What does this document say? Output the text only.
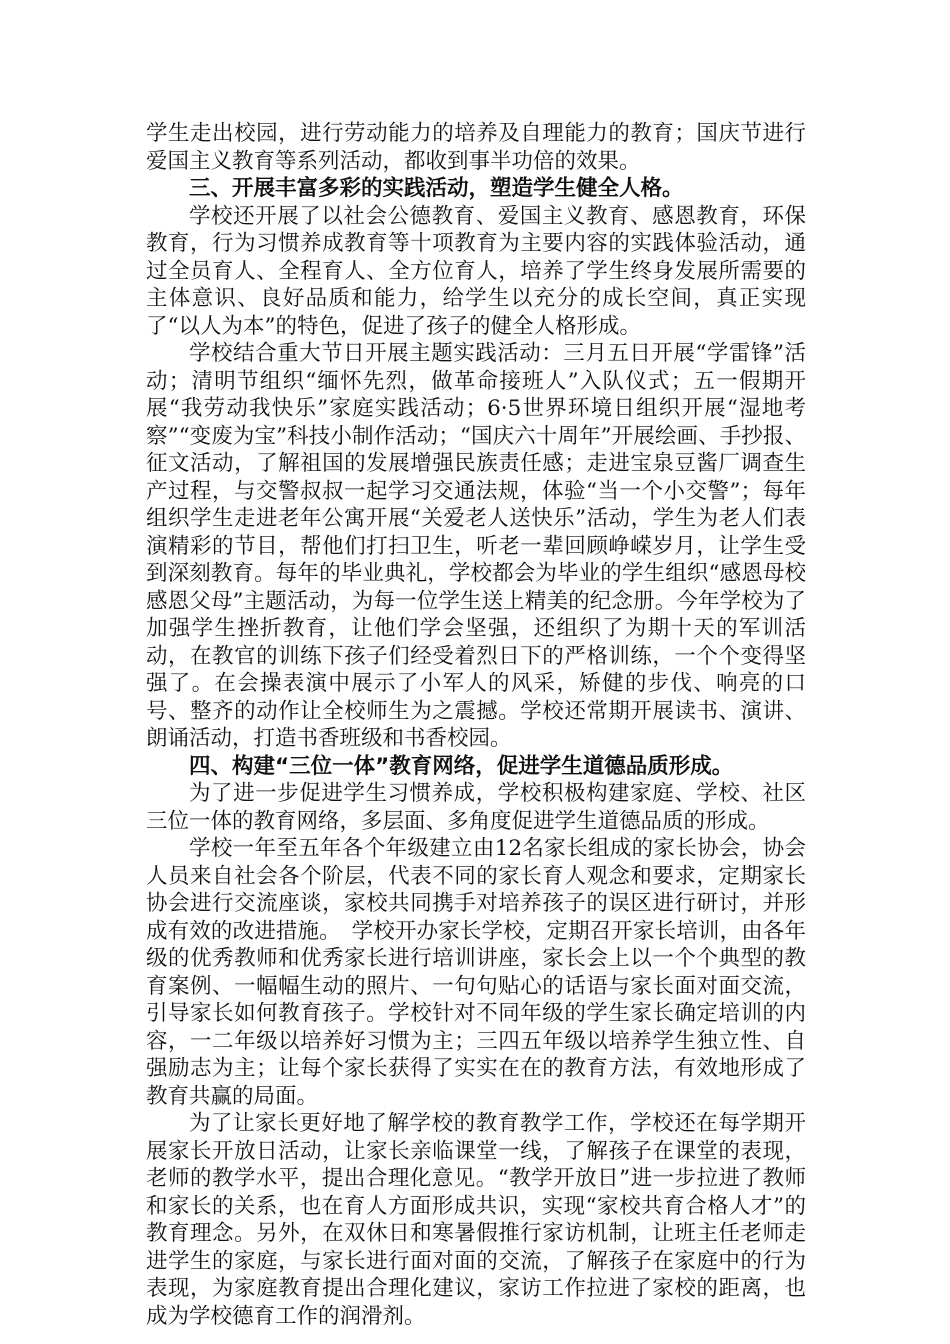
学生走出校园，进行劳动能力的培养及自理能力的教育；国庆节进行爱国主义教育等系列活动，都收到事半功倍的效果。

三、开展丰富多彩的实践活动，塑造学生健全人格。

学校还开展了以社会公德教育、爱国主义教育、感恩教育，环保教育，行为习惯养成教育等十项教育为主要内容的实践体验活动，通过全员育人、全程育人、全方位育人，培养了学生终身发展所需要的主体意识、良好品质和能力，给学生以充分的成长空间，真正实现了“以人为本”的特色，促进了孩子的健全人格形成。

学校结合重大节日开展主题实践活动：三月五日开展“学雷锋”活动；清明节组织“缅怀先烈，做革命接班人”入队仪式；五一假期开展“我劳动我快乐”家庭实践活动；6·5世界环境日组织开展“湿地考察”“变废为宝”科技小制作活动；“国庆六十周年”开展绘画、手抄报、征文活动，了解祖国的发展增强民族责任感；走进宝泉豆酱厂调查生产过程，与交警叔叔一起学习交通法规，体验“当一个小交警”；每年组织学生走进老年公寓开展“关爱老人送快乐”活动，学生为老人们表演精彩的节目，帮他们打扫卫生，听老一辈回顾峥嵘岁月，让学生受到深刻教育。每年的毕业典礼，学校都会为毕业的学生组织“感恩母校感恩父母”主题活动，为每一位学生送上精美的纪念册。今年学校为了加强学生挫折教育，让他们学会坚强，还组织了为期十天的军训活动，在教官的训练下孩子们经受着烈日下的严格训练，一个个变得坚强了。在会操表演中展示了小军人的风采，矫健的步伐、响亮的口号、整齐的动作让全校师生为之震撼。学校还常期开展读书、演讲、朗诵活动，打造书香班级和书香校园。

四、构建“三位一体”教育网络，促进学生道德品质形成。

为了进一步促进学生习惯养成，学校积极构建家庭、学校、社区三位一体的教育网络，多层面、多角度促进学生道德品质的形成。

学校一年至五年各个年级建立由12名家长组成的家长协会，协会人员来自社会各个阶层，代表不同的家长育人观念和要求，定期家长协会进行交流座谈，家校共同携手对培养孩子的误区进行研讨，并形成有效的改进措施。　学校开办家长学校，定期召开家长培训，由各年级的优秀教师和优秀家长进行培训讲座，家长会上以一个个典型的教育案例、一幅幅生动的照片、一句句贴心的话语与家长面对面交流，引导家长如何教育孩子。学校针对不同年级的学生家长确定培训的内容，一二年级以培养好习惯为主；三四五年级以培养学生独立性、自强励志为主；让每个家长获得了实实在在的教育方法，有效地形成了教育共赢的局面。

为了让家长更好地了解学校的教育教学工作，学校还在每学期开展家长开放日活动，让家长亲临课堂一线，了解孩子在课堂的表现，老师的教学水平，提出合理化意见。“教学开放日”进一步拉进了教师和家长的关系，也在育人方面形成共识，实现“家校共育合格人才”的教育理念。另外，在双休日和寒暑假推行家访机制，让班主任老师走进学生的家庭，与家长进行面对面的交流，了解孩子在家庭中的行为表现，为家庭教育提出合理化建议，家访工作拉进了家校的距离，也成为学校德育工作的润滑剂。
